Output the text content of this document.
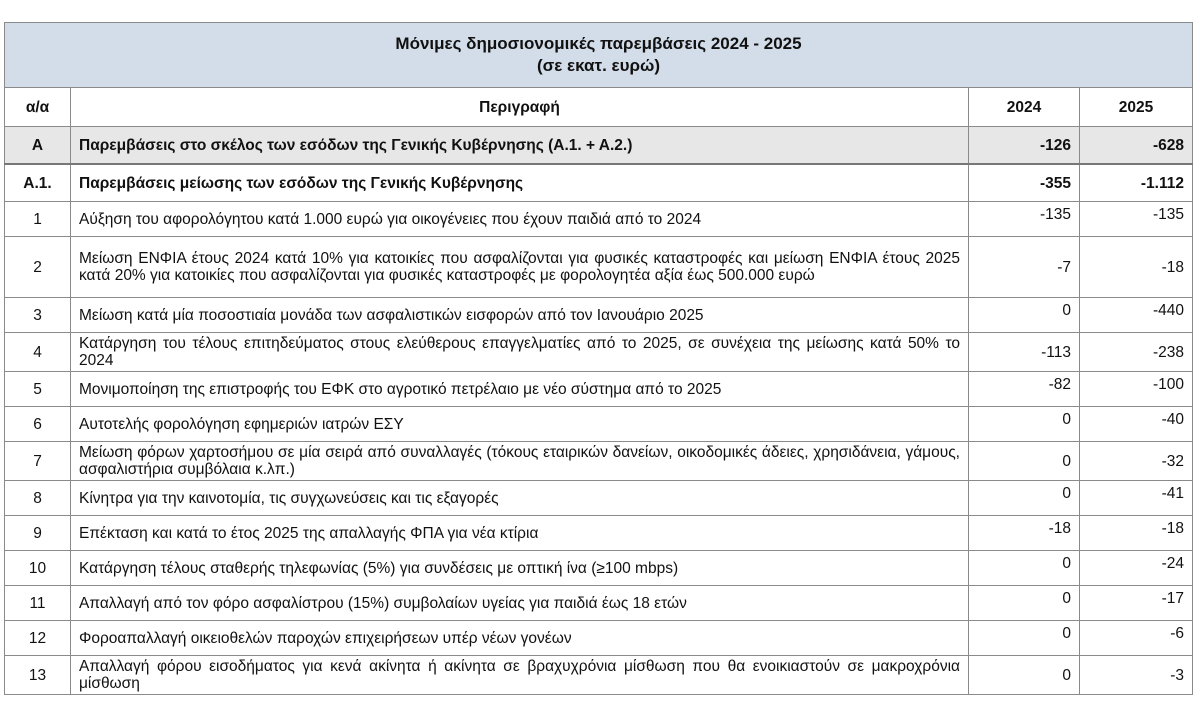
Μόνιμες δημοσιονομικές παρεμβάσεις 2024 - 2025
(σε εκατ. ευρώ)			

α/α	Περιγραφή	2024	2025
Α	Παρεμβάσεις στο σκέλος των εσόδων της Γενικής Κυβέρνησης (Α.1. + Α.2.)	-126	-628
Α.1.	Παρεμβάσεις μείωσης των εσόδων της Γενικής Κυβέρνησης	-355	-1.112
1	Αύξηση του αφορολόγητου κατά 1.000 ευρώ για οικογένειες που έχουν παιδιά από το 2024	-135	-135
2	Μείωση ΕΝΦΙΑ έτους 2024 κατά 10% για κατοικίες που ασφαλίζονται για φυσικές καταστροφές και μείωση ΕΝΦΙΑ έτους 2025 κατά 20% για κατοικίες που ασφαλίζονται για φυσικές καταστροφές με φορολογητέα αξία έως 500.000 ευρώ	-7	-18
3	Μείωση κατά μία ποσοστιαία μονάδα των ασφαλιστικών εισφορών από τον Ιανουάριο 2025	0	-440
4	Κατάργηση του τέλους επιτηδεύματος στους ελεύθερους επαγγελματίες από το 2025, σε συνέχεια της μείωσης κατά 50% το 2024	-113	-238
5	Μονιμοποίηση της επιστροφής του ΕΦΚ στο αγροτικό πετρέλαιο με νέο σύστημα από το 2025	-82	-100
6	Αυτοτελής φορολόγηση εφημεριών ιατρών ΕΣΥ	0	-40
7	Μείωση φόρων χαρτοσήμου σε μία σειρά από συναλλαγές (τόκους εταιρικών δανείων, οικοδομικές άδειες, χρησιδάνεια, γάμους, ασφαλιστήρια συμβόλαια κ.λπ.)	0	-32
8	Κίνητρα για την καινοτομία, τις συγχωνεύσεις και τις εξαγορές	0	-41
9	Επέκταση και κατά το έτος 2025 της απαλλαγής ΦΠΑ για νέα κτίρια	-18	-18
10	Κατάργηση τέλους σταθερής τηλεφωνίας (5%) για συνδέσεις με οπτική ίνα (≥100 mbps)	0	-24
11	Απαλλαγή από τον φόρο ασφαλίστρου (15%) συμβολαίων υγείας για παιδιά έως 18 ετών	0	-17
12	Φοροαπαλλαγή οικειοθελών παροχών επιχειρήσεων υπέρ νέων γονέων	0	-6
13	Απαλλαγή φόρου εισοδήματος για κενά ακίνητα ή ακίνητα σε βραχυχρόνια μίσθωση που θα ενοικιαστούν σε μακροχρόνια μίσθωση	0	-3
